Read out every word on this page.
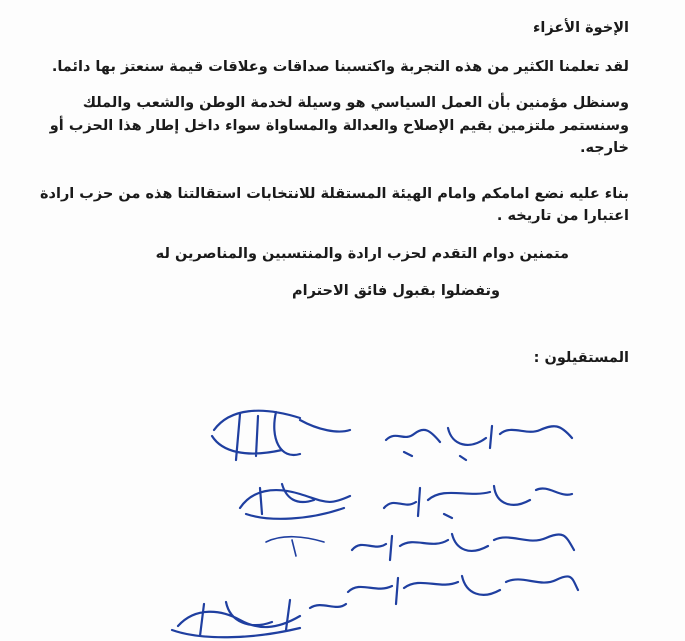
الإخوة الأعزاء
لقد تعلمنا الكثير من هذه التجربة واكتسبنا صداقات وعلاقات قيمة سنعتز بها دائما.
وسنظل مؤمنين بأن العمل السياسي هو وسيلة لخدمة الوطن والشعب والملك
وسنستمر ملتزمين بقيم الإصلاح والعدالة والمساواة سواء داخل إطار هذا الحزب أو
خارجه.
بناء عليه نضع امامكم وامام الهيئة المستقلة للانتخابات استقالتنا هذه من حزب ارادة
اعتبارا من تاريخه .
متمنين دوام التقدم لحزب ارادة والمنتسبين والمناصرين له
وتفضلوا بقبول فائق الاحترام
المستقيلون :
